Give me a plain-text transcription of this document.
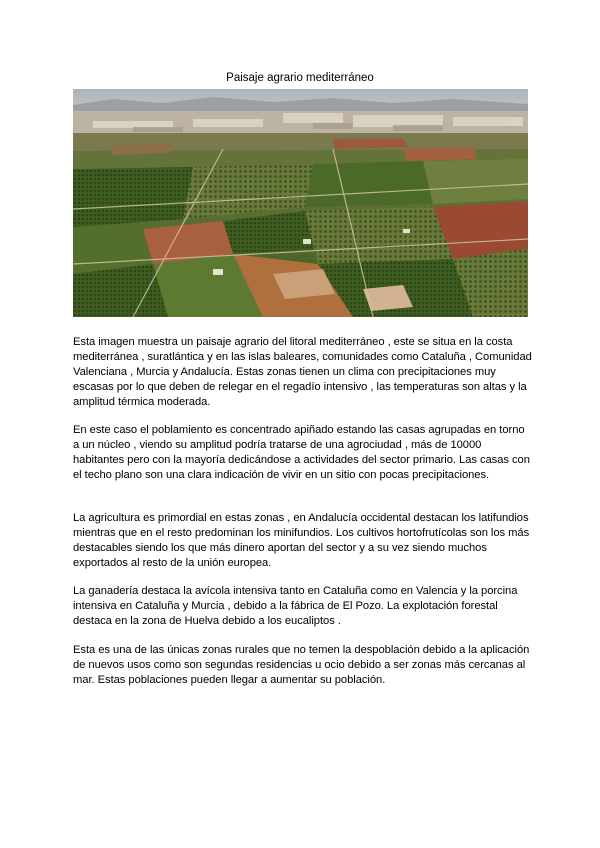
Paisaje agrario mediterráneo

Esta imagen muestra un paisaje agrario del litoral mediterráneo , este se situa en la costa mediterránea , suratlántica y en las islas baleares, comunidades como Cataluña , Comunidad Valenciana , Murcia y Andalucía. Estas zonas tienen un clima con precipitaciones muy escasas por lo que deben de relegar en el regadío intensivo , las temperaturas son altas y la amplitud térmica moderada.

En este caso el poblamiento es concentrado apiñado estando las casas agrupadas en torno a un núcleo , viendo su amplitud podría tratarse de una agrociudad , más de 10000 habitantes pero con la mayoría dedicándose a actividades del sector primario. Las casas con el techo plano son una clara indicación de vivir en un sitio con pocas precipitaciones.

La agricultura es primordial en estas zonas , en Andalucía occidental destacan los latifundios mientras que en el resto predominan los minifundios. Los cultivos hortofrutícolas son los más destacables siendo los que más dinero aportan del sector y a su vez siendo muchos exportados al resto de la unión europea.

La ganadería destaca la avícola intensiva tanto en Cataluña como en Valencia y la porcina intensiva en Cataluña y Murcia , debido a la fábrica de El Pozo. La explotación forestal destaca en la zona de Huelva debido a los eucaliptos .

Esta es una de las únicas zonas rurales que no temen la despoblación debido a la aplicación de nuevos usos como son segundas residencias u ocio debido a ser zonas más cercanas al mar. Estas poblaciones pueden llegar a aumentar su población.
